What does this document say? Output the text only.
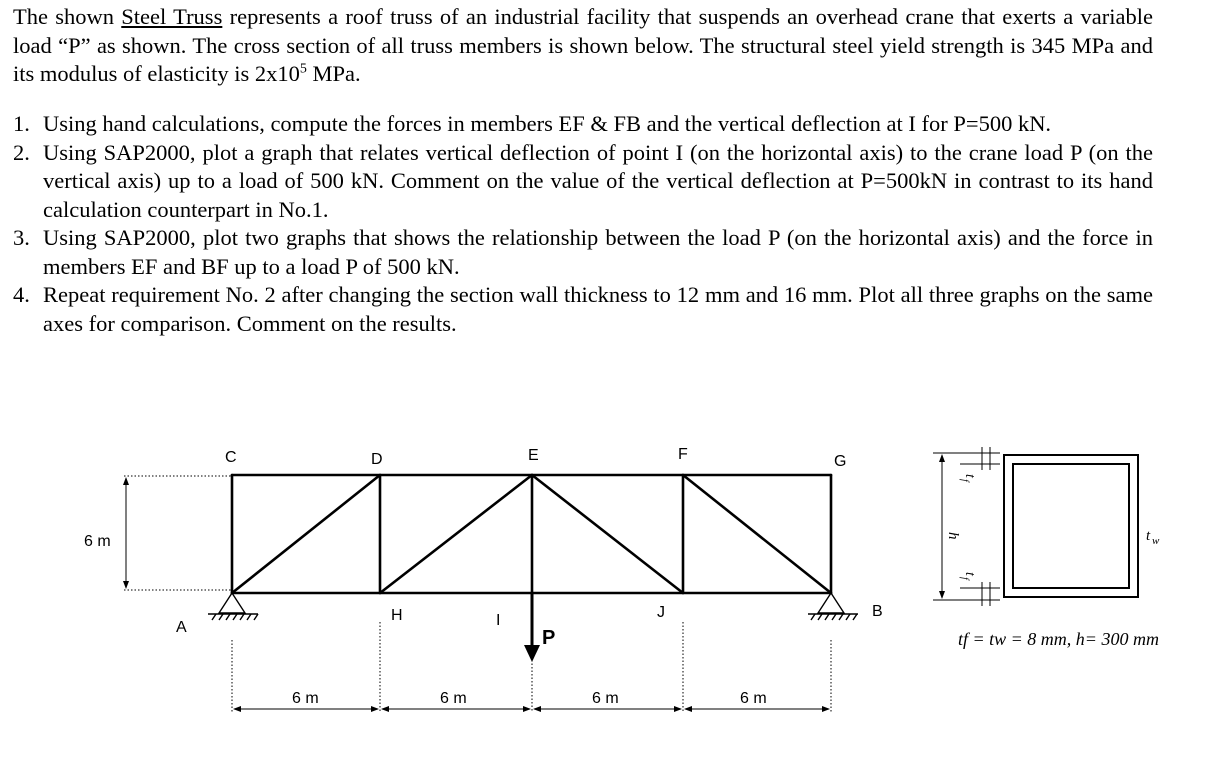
The shown Steel Truss represents a roof truss of an industrial facility that suspends an overhead crane that exerts a variable load “P” as shown. The cross section of all truss members is shown below. The structural steel yield strength is 345 MPa and its modulus of elasticity is $2x10^5$ MPa.
1. Using hand calculations, compute the forces in members EF & FB and the vertical deflection at I for P=500 kN.
2. Using SAP2000, plot a graph that relates vertical deflection of point I (on the horizontal axis) to the crane load P (on the vertical axis) up to a load of 500 kN. Comment on the value of the vertical deflection at P=500kN in contrast to its hand calculation counterpart in No.1.
3. Using SAP2000, plot two graphs that shows the relationship between the load P (on the horizontal axis) and the force in members EF and BF up to a load P of 500 kN.
4. Repeat requirement No. 2 after changing the section wall thickness to 12 mm and 16 mm. Plot all three graphs on the same axes for comparison. Comment on the results.
6 m
6 m	6 m	6 m	6 m
P
C	D	E	F	G
A
H	I	J	B
h
t
f
t
f
t w
tf = tw = 8 mm, h= 300 mm
